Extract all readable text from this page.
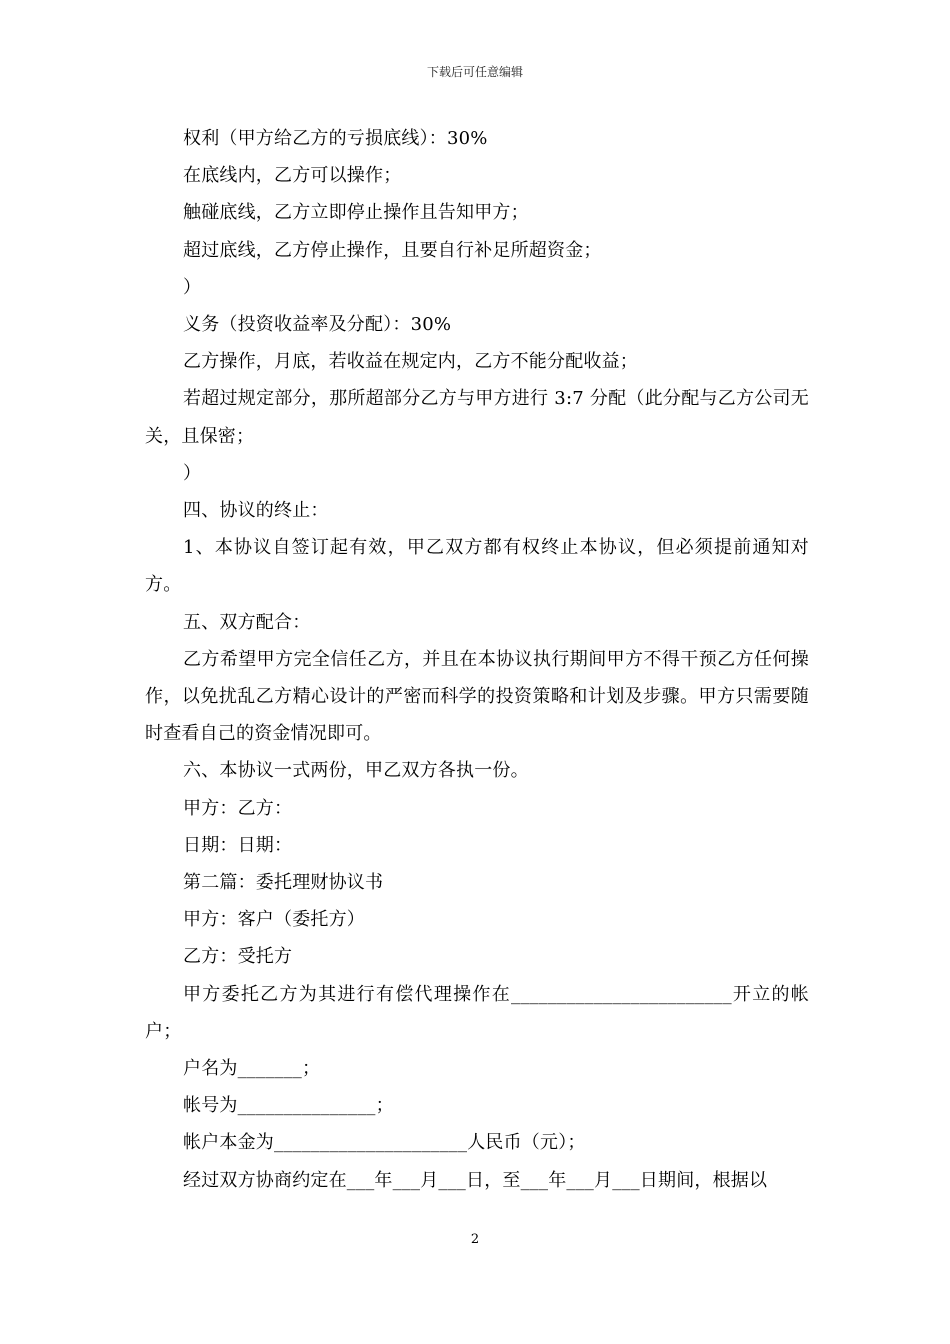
下载后可任意编辑

权利（甲方给乙方的亏损底线）：30%

在底线内，乙方可以操作；

触碰底线，乙方立即停止操作且告知甲方；

超过底线，乙方停止操作，且要自行补足所超资金；

）

义务（投资收益率及分配）：30%

乙方操作，月底，若收益在规定内，乙方不能分配收益；

若超过规定部分，那所超部分乙方与甲方进行 3:7 分配（此分配与乙方公司无关，且保密；

）

四、协议的终止：

1、本协议自签订起有效，甲乙双方都有权终止本协议，但必须提前通知对方。

五、双方配合：

乙方希望甲方完全信任乙方，并且在本协议执行期间甲方不得干预乙方任何操作，以免扰乱乙方精心设计的严密而科学的投资策略和计划及步骤。甲方只需要随时查看自己的资金情况即可。

六、本协议一式两份，甲乙双方各执一份。

甲方：乙方：

日期：日期：

第二篇：委托理财协议书

甲方：客户（委托方）

乙方：受托方

甲方委托乙方为其进行有偿代理操作在________________________开立的帐户；

户名为_______；

帐号为_______________；

帐户本金为_____________________人民币（元）；

经过双方协商约定在___年___月___日，至___年___月___日期间，根据以

2
